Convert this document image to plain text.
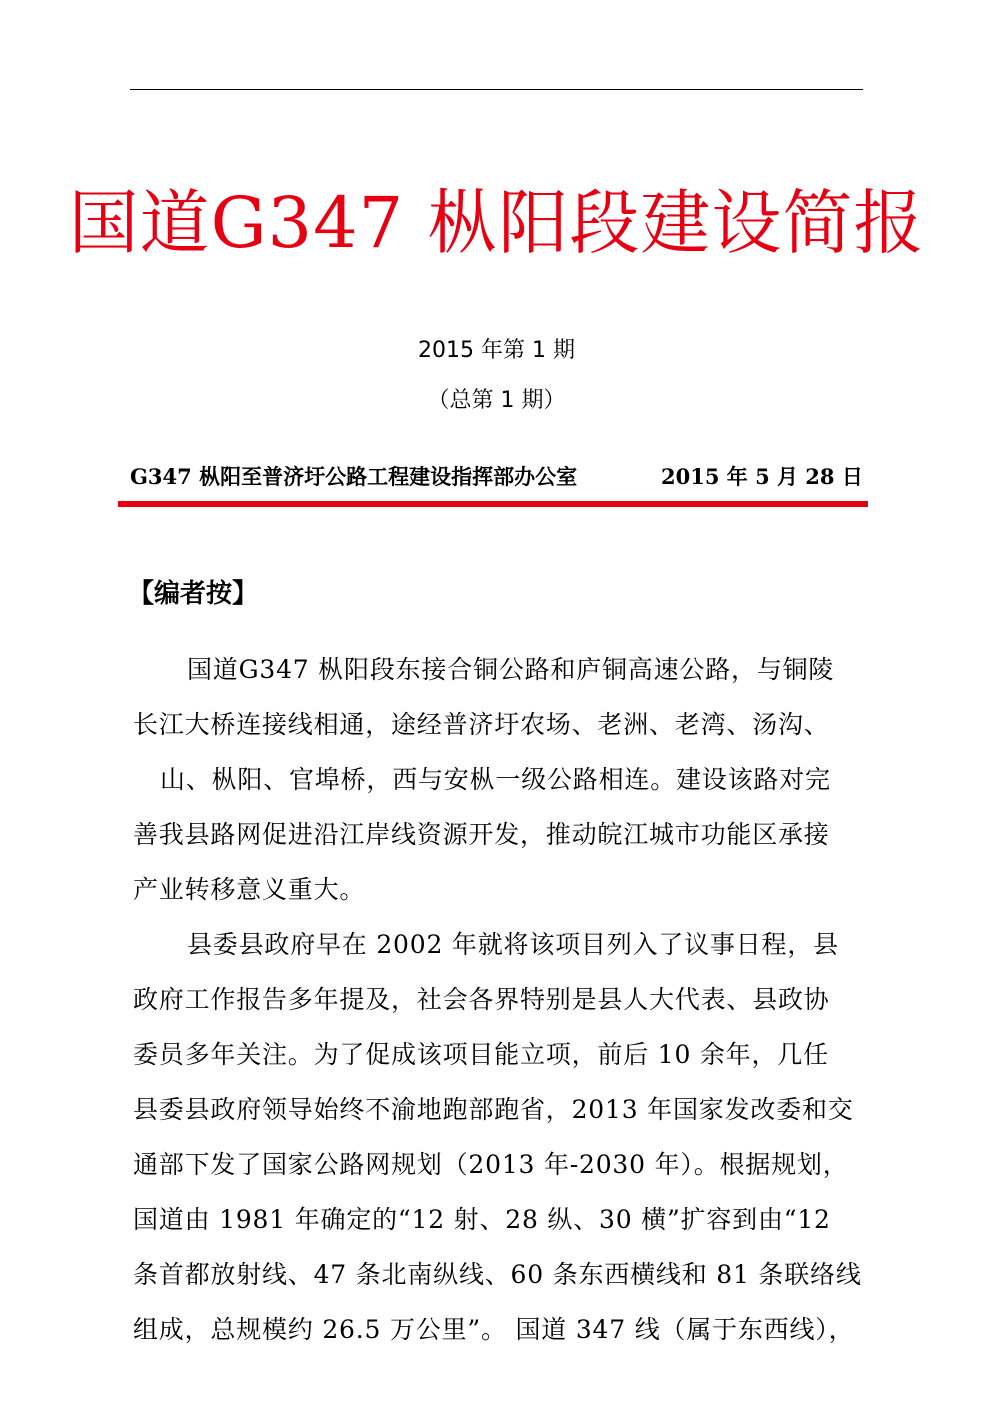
国道G347 枞阳段建设简报
2015 年第 1 期
（总第 1 期）
G347 枞阳至普济圩公路工程建设指挥部办公室	2015 年 5 月 28 日
【编者按】
国道G347 枞阳段东接合铜公路和庐铜高速公路，与铜陵
长江大桥连接线相通，途经普济圩农场、老洲、老湾、汤沟、
山、枞阳、官埠桥，西与安枞一级公路相连。建设该路对完
善我县路网促进沿江岸线资源开发，推动皖江城市功能区承接
产业转移意义重大。
县委县政府早在 2002 年就将该项目列入了议事日程，县
政府工作报告多年提及，社会各界特别是县人大代表、县政协
委员多年关注。为了促成该项目能立项，前后 10 余年，几任
县委县政府领导始终不渝地跑部跑省，2013 年国家发改委和交
通部下发了国家公路网规划（2013 年-2030 年）。根据规划，
国道由 1981 年确定的“12 射、28 纵、30 横”扩容到由“12
条首都放射线、47 条北南纵线、60 条东西横线和 81 条联络线
组成，总规模约 26.5 万公里”。 国道 347 线（属于东西线），
